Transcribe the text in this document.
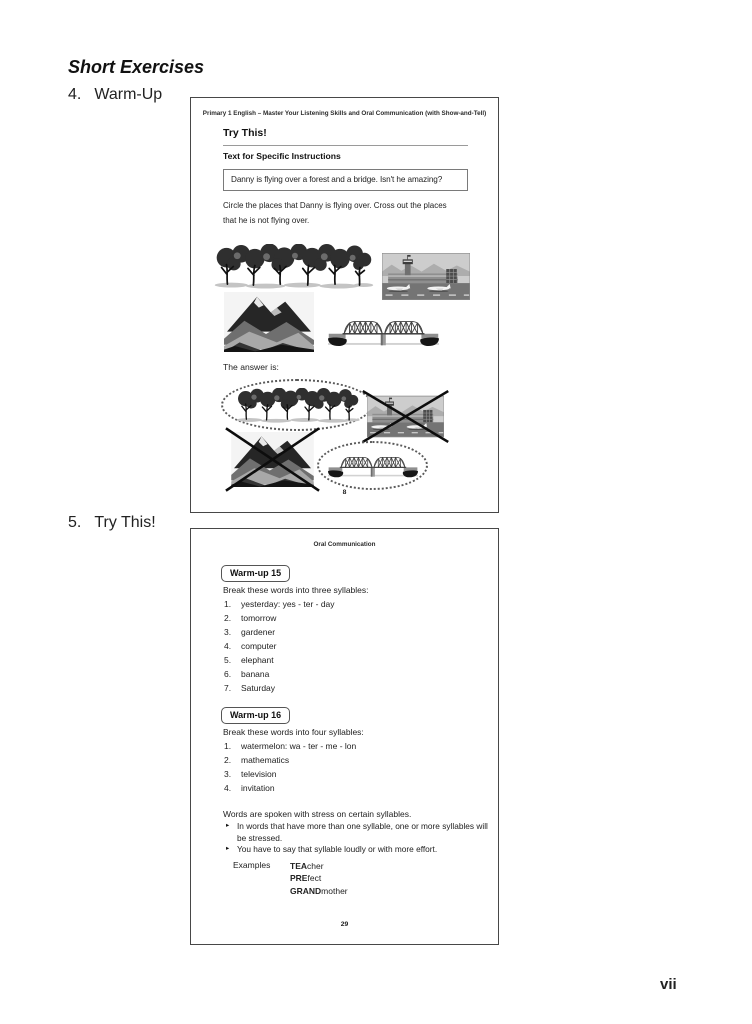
Short Exercises
4. Warm-Up
Primary 1 English – Master Your Listening Skills and Oral Communication (with Show-and-Tell)
Try This!
Text for Specific Instructions
Danny is flying over a forest and a bridge. Isn't he amazing?
Circle the places that Danny is flying over. Cross out the places
that he is not flying over.
The answer is:
8
5. Try This!
Oral Communication
Warm-up 15
Break these words into three syllables:
1.	yesterday: yes - ter - day
2.	tomorrow
3.	gardener
4.	computer
5.	elephant
6.	banana
7.	Saturday
Warm-up 16
Break these words into four syllables:
1.	watermelon: wa - ter - me - lon
2.	mathematics
3.	television
4.	invitation
Words are spoken with stress on certain syllables.
▸ In words that have more than one syllable, one or more syllables will be stressed.
▸ You have to say that syllable loudly or with more effort.
Examples	TEAcher
PREfect
GRANDmother
29
vii
